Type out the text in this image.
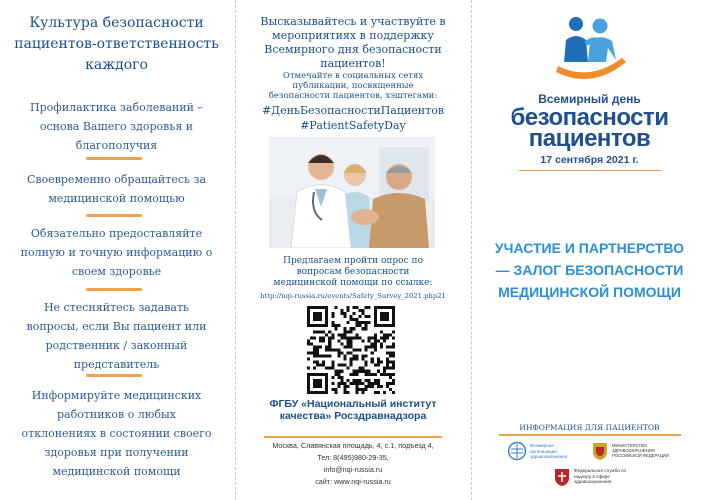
Культура безопасности пациентов-ответственность каждого
Профилактика заболеваний – основа Вашего здоровья и благополучия
Своевременно обращайтесь за медицинской помощью
Обязательно предоставляйте полную и точную информацию о своем здоровье
Не стесняйтесь задавать вопросы, если Вы пациент или родственник / законный представитель
Информируйте медицинских работников о любых отклонениях в состоянии своего здоровья при получении медицинской помощи
Высказывайтесь и участвуйте в мероприятиях в поддержку Всемирного дня безопасности пациентов!
Отмечайте в социальных сетях публикации, посвященные безопасности пациентов, хэштегами:
#ДеньБезопасностиПациентов
#PatientSafetyDay
Предлагаем пройти опрос по вопросам безопасности медицинской помощи по ссылке:
http://nqi-russia.ru/events/Safety_Survey_2021.php21
ФГБУ «Национальный институт качества» Росздравнадзора
Москва, Славянская площадь, 4, с.1, подъезд 4,
Тел: 8(495)980-29-35,
info@nqi-russia.ru
сайт: www.nqi-russia.ru
Всемирный день
безопасности
пациентов
17 сентября 2021 г.
УЧАСТИЕ И ПАРТНЕРСТВО — ЗАЛОГ БЕЗОПАСНОСТИ МЕДИЦИНСКОЙ ПОМОЩИ
ИНФОРМАЦИЯ ДЛЯ ПАЦИЕНТОВ
Всемирная организация здравоохранения
МИНИСТЕРСТВО ЗДРАВООХРАНЕНИЯ РОССИЙСКОЙ ФЕДЕРАЦИИ
Федеральная служба по надзору в сфере здравоохранения
